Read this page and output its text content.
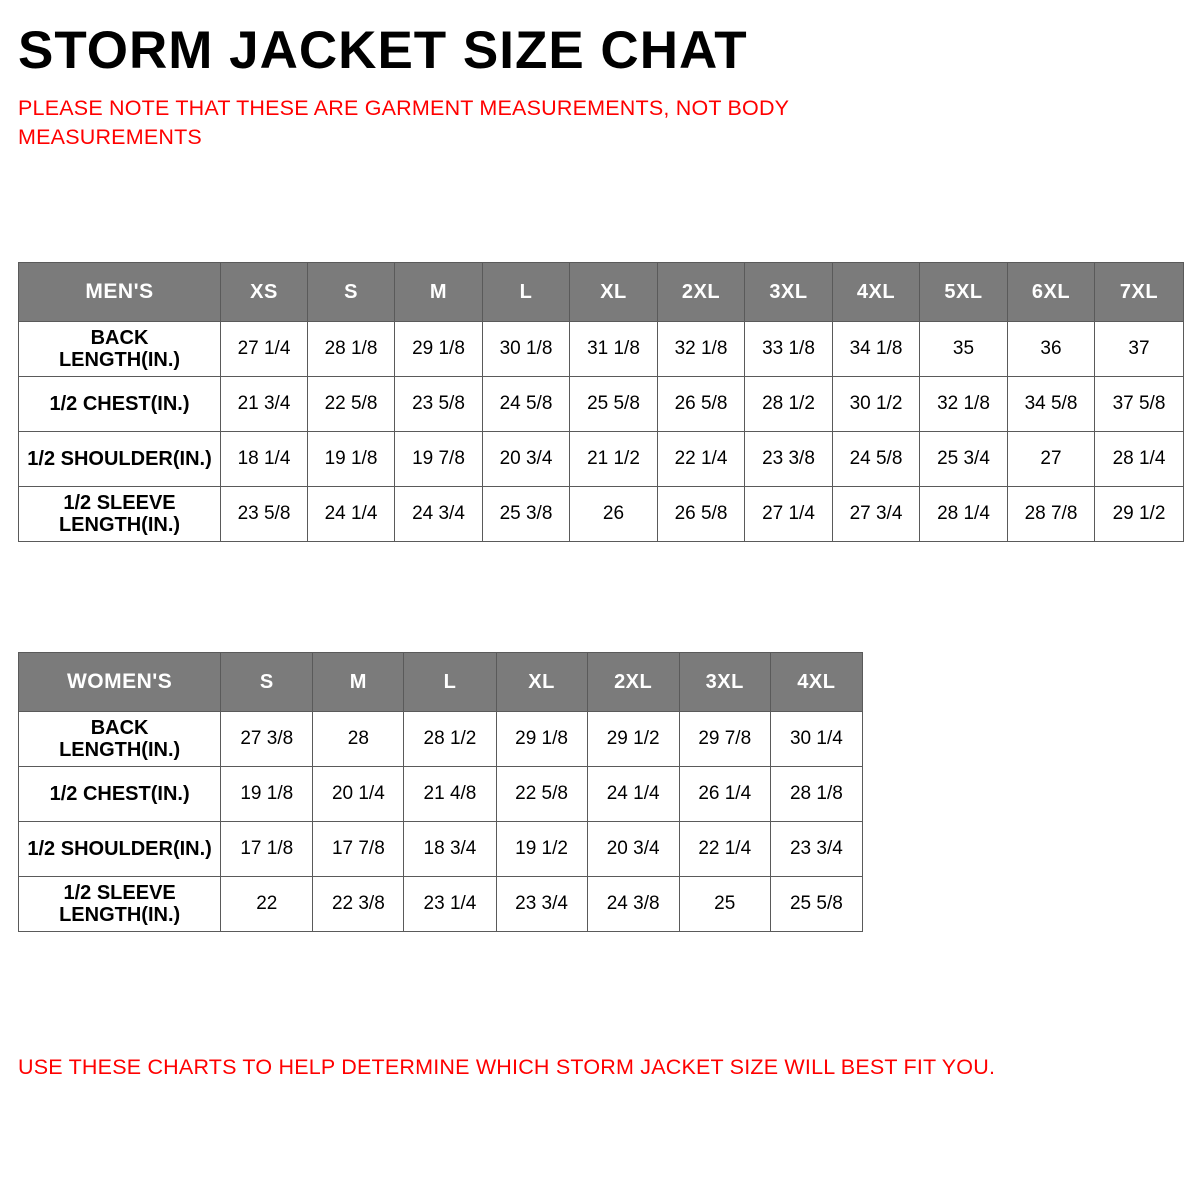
STORM JACKET SIZE CHAT

PLEASE NOTE THAT THESE ARE GARMENT MEASUREMENTS, NOT BODY MEASUREMENTS

MEN'S	XS	S	M	L	XL	2XL	3XL	4XL	5XL	6XL	7XL
BACK
LENGTH(IN.)	27 1/4	28 1/8	29 1/8	30 1/8	31 1/8	32 1/8	33 1/8	34 1/8	35	36	37
1/2 CHEST(IN.)	21 3/4	22 5/8	23 5/8	24 5/8	25 5/8	26 5/8	28 1/2	30 1/2	32 1/8	34 5/8	37 5/8
1/2 SHOULDER(IN.)	18 1/4	19 1/8	19 7/8	20 3/4	21 1/2	22 1/4	23 3/8	24 5/8	25 3/4	27	28 1/4
1/2 SLEEVE
LENGTH(IN.)	23 5/8	24 1/4	24 3/4	25 3/8	26	26 5/8	27 1/4	27 3/4	28 1/4	28 7/8	29 1/2
WOMEN'S	S	M	L	XL	2XL	3XL	4XL
BACK
LENGTH(IN.)	27 3/8	28	28 1/2	29 1/8	29 1/2	29 7/8	30 1/4
1/2 CHEST(IN.)	19 1/8	20 1/4	21 4/8	22 5/8	24 1/4	26 1/4	28 1/8
1/2 SHOULDER(IN.)	17 1/8	17 7/8	18 3/4	19 1/2	20 3/4	22 1/4	23 3/4
1/2 SLEEVE
LENGTH(IN.)	22	22 3/8	23 1/4	23 3/4	24 3/8	25	25 5/8
USE THESE CHARTS TO HELP DETERMINE WHICH STORM JACKET SIZE WILL BEST FIT YOU.
